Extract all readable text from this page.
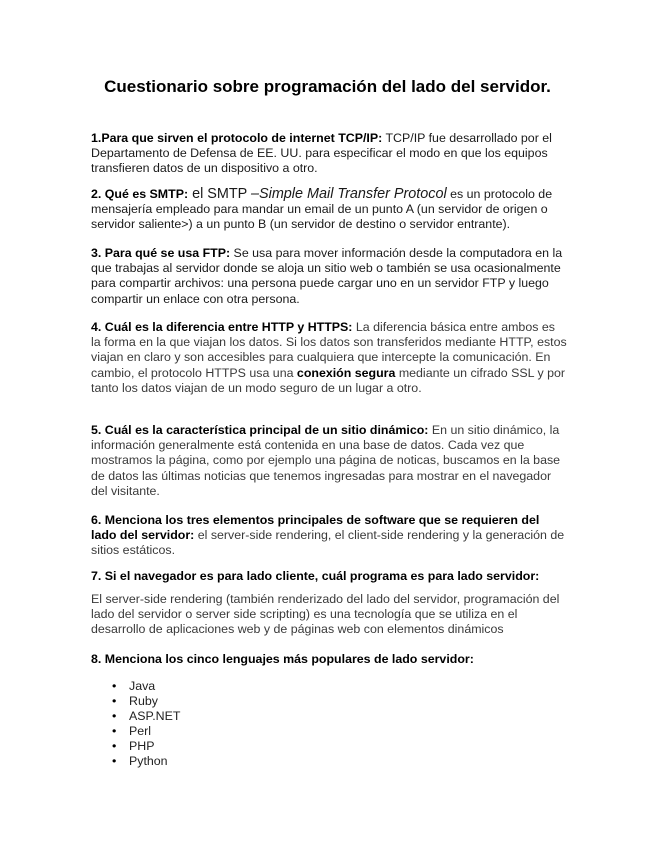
Cuestionario sobre programación del lado del servidor.
1.Para que sirven el protocolo de internet TCP/IP: TCP/IP fue desarrollado por el Departamento de Defensa de EE. UU. para especificar el modo en que los equipos transfieren datos de un dispositivo a otro.
2. Qué es SMTP: el SMTP –Simple Mail Transfer Protocol es un protocolo de mensajería empleado para mandar un email de un punto A (un servidor de origen o servidor saliente>) a un punto B (un servidor de destino o servidor entrante).
3. Para qué se usa FTP: Se usa para mover información desde la computadora en la que trabajas al servidor donde se aloja un sitio web o también se usa ocasionalmente para compartir archivos: una persona puede cargar uno en un servidor FTP y luego compartir un enlace con otra persona.
4. Cuál es la diferencia entre HTTP y HTTPS: La diferencia básica entre ambos es la forma en la que viajan los datos. Si los datos son transferidos mediante HTTP, estos viajan en claro y son accesibles para cualquiera que intercepte la comunicación. En cambio, el protocolo HTTPS usa una conexión segura mediante un cifrado SSL y por tanto los datos viajan de un modo seguro de un lugar a otro.
5. Cuál es la característica principal de un sitio dinámico: En un sitio dinámico, la información generalmente está contenida en una base de datos. Cada vez que mostramos la página, como por ejemplo una página de noticas, buscamos en la base de datos las últimas noticias que tenemos ingresadas para mostrar en el navegador del visitante.
6. Menciona los tres elementos principales de software que se requieren del lado del servidor: el server-side rendering, el client-side rendering y la generación de sitios estáticos.
7. Si el navegador es para lado cliente, cuál programa es para lado servidor:
El server-side rendering (también renderizado del lado del servidor, programación del lado del servidor o server side scripting) es una tecnología que se utiliza en el desarrollo de aplicaciones web y de páginas web con elementos dinámicos
8. Menciona los cinco lenguajes más populares de lado servidor:
• Java
• Ruby
• ASP.NET
• Perl
• PHP
• Python
